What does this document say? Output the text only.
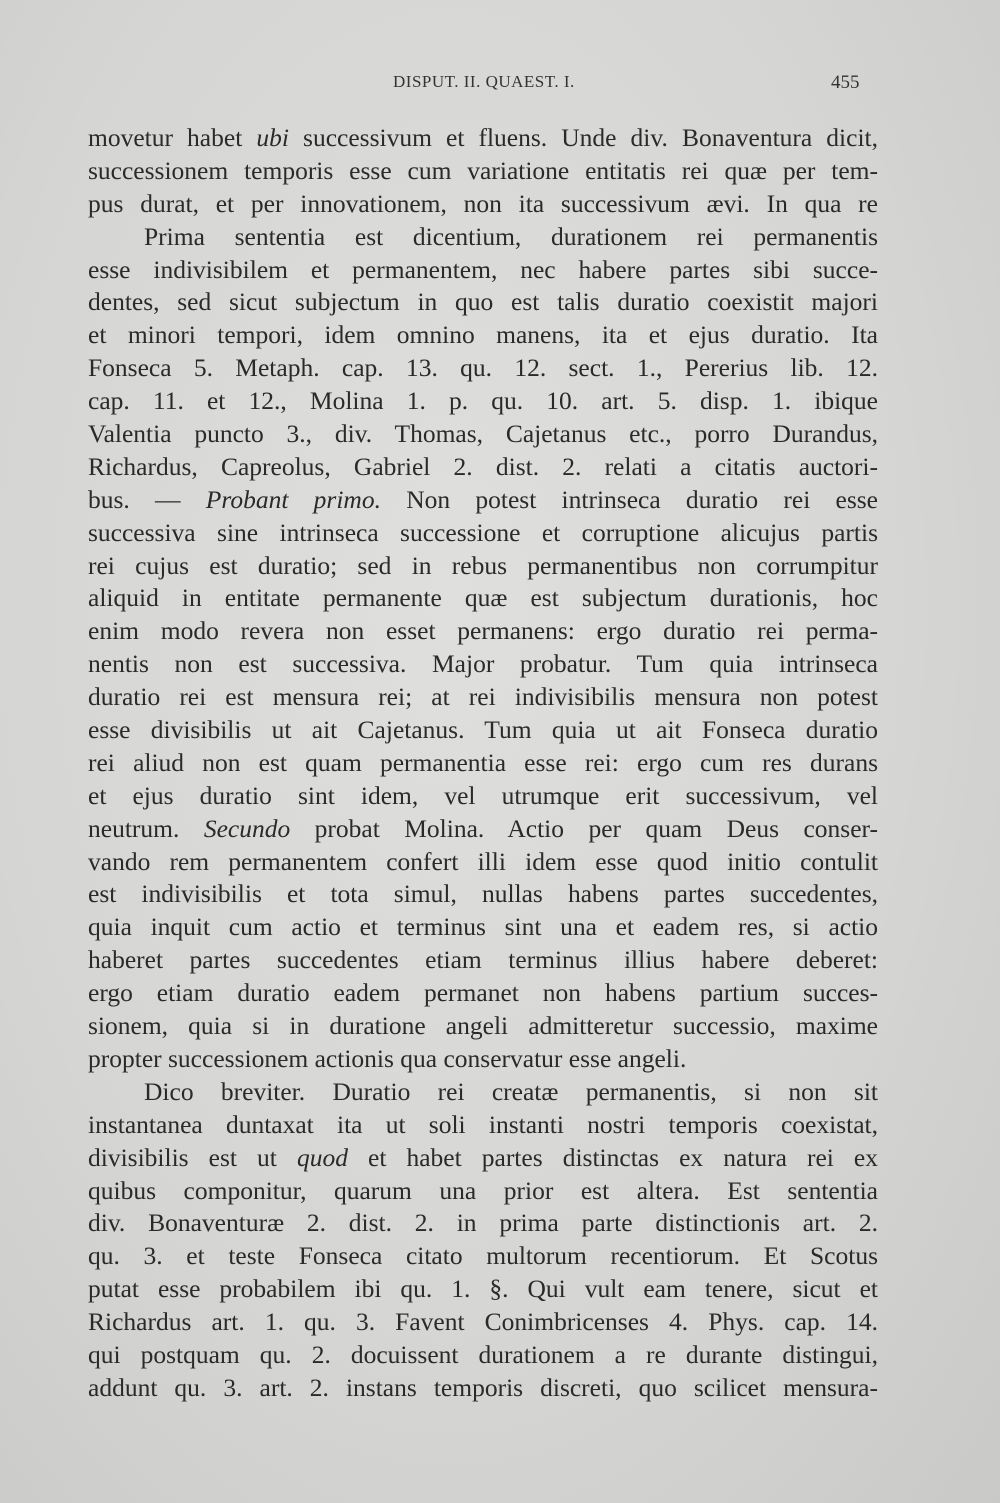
DISPUT. II. QUAEST. I.	455
movetur habet ubi successivum et fluens. Unde div. Bonaventura dicit,
successionem temporis esse cum variatione entitatis rei quæ per tem-
pus durat, et per innovationem, non ita successivum ævi. In qua re
Prima sententia est dicentium, durationem rei permanentis
esse indivisibilem et permanentem, nec habere partes sibi succe-
dentes, sed sicut subjectum in quo est talis duratio coexistit majori
et minori tempori, idem omnino manens, ita et ejus duratio. Ita
Fonseca 5. Metaph. cap. 13. qu. 12. sect. 1., Pererius lib. 12.
cap. 11. et 12., Molina 1. p. qu. 10. art. 5. disp. 1. ibique
Valentia puncto 3., div. Thomas, Cajetanus etc., porro Durandus,
Richardus, Capreolus, Gabriel 2. dist. 2. relati a citatis auctori-
bus. — Probant primo. Non potest intrinseca duratio rei esse
successiva sine intrinseca successione et corruptione alicujus partis
rei cujus est duratio; sed in rebus permanentibus non corrumpitur
aliquid in entitate permanente quæ est subjectum durationis, hoc
enim modo revera non esset permanens: ergo duratio rei perma-
nentis non est successiva. Major probatur. Tum quia intrinseca
duratio rei est mensura rei; at rei indivisibilis mensura non potest
esse divisibilis ut ait Cajetanus. Tum quia ut ait Fonseca duratio
rei aliud non est quam permanentia esse rei: ergo cum res durans
et ejus duratio sint idem, vel utrumque erit successivum, vel
neutrum. Secundo probat Molina. Actio per quam Deus conser-
vando rem permanentem confert illi idem esse quod initio contulit
est indivisibilis et tota simul, nullas habens partes succedentes,
quia inquit cum actio et terminus sint una et eadem res, si actio
haberet partes succedentes etiam terminus illius habere deberet:
ergo etiam duratio eadem permanet non habens partium succes-
sionem, quia si in duratione angeli admitteretur successio, maxime
propter successionem actionis qua conservatur esse angeli.
Dico breviter. Duratio rei creatæ permanentis, si non sit
instantanea duntaxat ita ut soli instanti nostri temporis coexistat,
divisibilis est ut quod et habet partes distinctas ex natura rei ex
quibus componitur, quarum una prior est altera. Est sententia
div. Bonaventuræ 2. dist. 2. in prima parte distinctionis art. 2.
qu. 3. et teste Fonseca citato multorum recentiorum. Et Scotus
putat esse probabilem ibi qu. 1. §. Qui vult eam tenere, sicut et
Richardus art. 1. qu. 3. Favent Conimbricenses 4. Phys. cap. 14.
qui postquam qu. 2. docuissent durationem a re durante distingui,
addunt qu. 3. art. 2. instans temporis discreti, quo scilicet mensura-
